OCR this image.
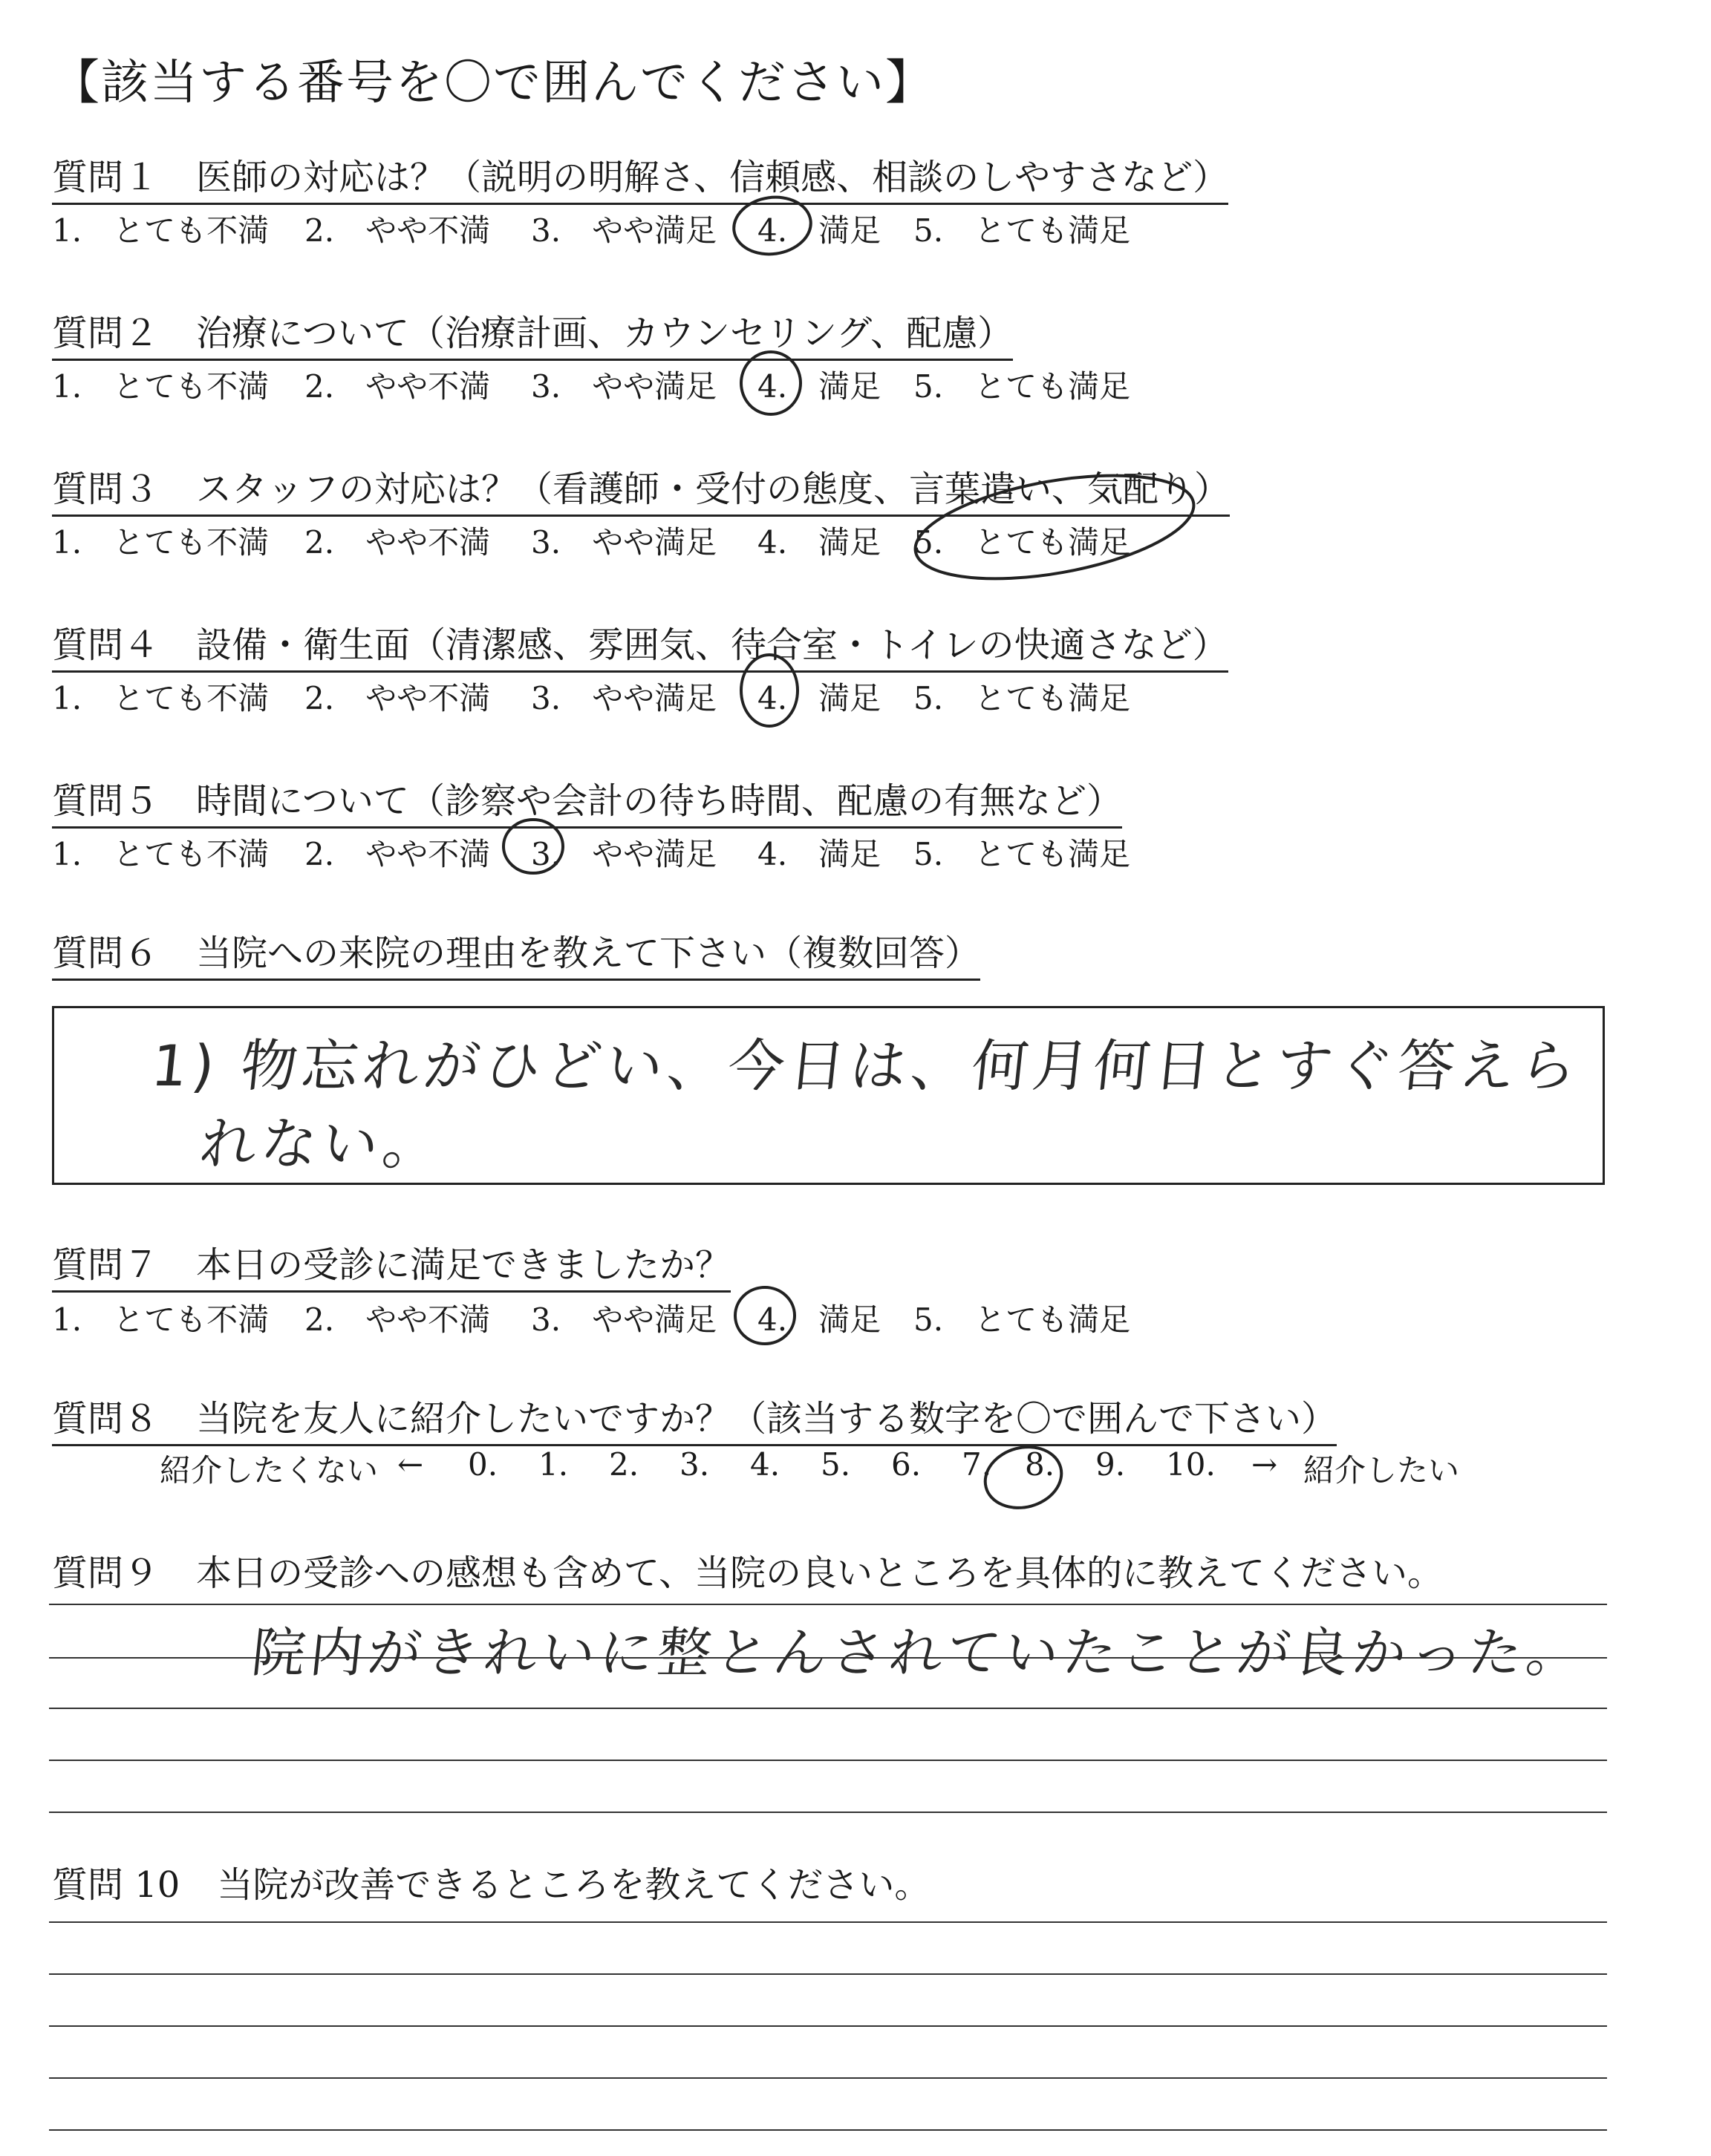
【該当する番号を〇で囲んでください】
質問１ 医師の対応は？（説明の明解さ、信頼感、相談のしやすさなど）
1.　とても不満 2.　やや不満 3.　やや満足 4.　満足 5.　とても満足
質問２ 治療について（治療計画、カウンセリング、配慮）
1.　とても不満 2.　やや不満 3.　やや満足 4.　満足 5.　とても満足
質問３ スタッフの対応は？（看護師・受付の態度、言葉遣い、気配り）
1.　とても不満 2.　やや不満 3.　やや満足 4.　満足 5.　とても満足
質問４ 設備・衛生面（清潔感、雰囲気、待合室・トイレの快適さなど）
1.　とても不満 2.　やや不満 3.　やや満足 4.　満足 5.　とても満足
質問５ 時間について（診察や会計の待ち時間、配慮の有無など）
1.　とても不満 2.　やや不満 3.　やや満足 4.　満足 5.　とても満足
質問６ 当院への来院の理由を教えて下さい（複数回答）
1) 物忘れがひどい、今日は、何月何日とすぐ答えら
れない。
質問７ 本日の受診に満足できましたか？
1.　とても不満 2.　やや不満 3.　やや満足 4.　満足 5.　とても満足
質問８ 当院を友人に紹介したいですか？（該当する数字を〇で囲んで下さい）
紹介したくない ← 0. 1. 2. 3. 4. 5. 6. 7. 8. 9. 10. → 紹介したい
質問９ 本日の受診への感想も含めて、当院の良いところを具体的に教えてください。
院内がきれいに整とんされていたことが良かった。
質問 10 当院が改善できるところを教えてください。
